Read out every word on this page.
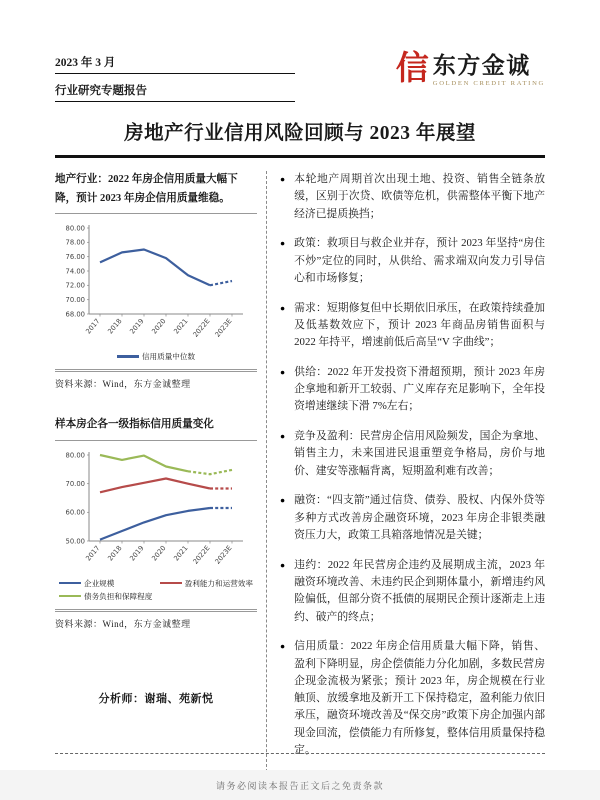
2023 年 3 月
行业研究专题报告
信 东方金诚
GOLDEN CREDIT RATING
房地产行业信用风险回顾与 2023 年展望

地产行业：2022 年房企信用质量大幅下降，预计 2023 年房企信用质量维稳。

68.00
70.00
72.00
74.00
76.00
78.00
80.00
2017 2018 2019 2020 2021 2022E 2023E
信用质量中位数

资料来源：Wind，东方金诚整理

样本房企各一级指标信用质量变化

50.00
60.00
70.00
80.00
2017 2018 2019 2020 2021 2022E 2023E
企业规模	盈利能力和运营效率
债务负担和保障程度

资料来源：Wind，东方金诚整理

分析师：谢瑞、苑新悦
● 本轮地产周期首次出现土地、投资、销售全链条放缓，区别于次贷、欧债等危机，供需整体平衡下地产经济已提质换挡；
● 政策：救项目与救企业并存，预计 2023 年坚持“房住不炒”定位的同时，从供给、需求端双向发力引导信心和市场修复；
● 需求：短期修复但中长期依旧承压，在政策持续叠加及低基数效应下，预计 2023 年商品房销售面积与 2022 年持平，增速前低后高呈“V 字曲线”；
● 供给：2022 年开发投资下滑超预期，预计 2023 年房企拿地和新开工较弱、广义库存充足影响下，全年投资增速继续下滑 7%左右；
● 竞争及盈利：民营房企信用风险频发，国企为拿地、销售主力，未来国进民退重塑竞争格局，房价与地价、建安等涨幅背离，短期盈利难有改善；
● 融资：“四支箭”通过信贷、债券、股权、内保外贷等多种方式改善房企融资环境，2023 年房企非银类融资压力大，政策工具箱落地情况是关键；
● 违约：2022 年民营房企违约及展期成主流，2023 年融资环境改善、未违约民企到期体量小，新增违约风险偏低，但部分资不抵债的展期民企预计逐渐走上违约、破产的终点；
● 信用质量：2022 年房企信用质量大幅下降，销售、盈利下降明显，房企偿债能力分化加剧，多数民营房企现金流极为紧张；预计 2023 年，房企规模在行业触顶、放缓拿地及新开工下保持稳定，盈利能力依旧承压，融资环境改善及“保交房”政策下房企加强内部现金回流，偿债能力有所修复，整体信用质量保持稳定。
请务必阅读本报告正文后之免责条款
